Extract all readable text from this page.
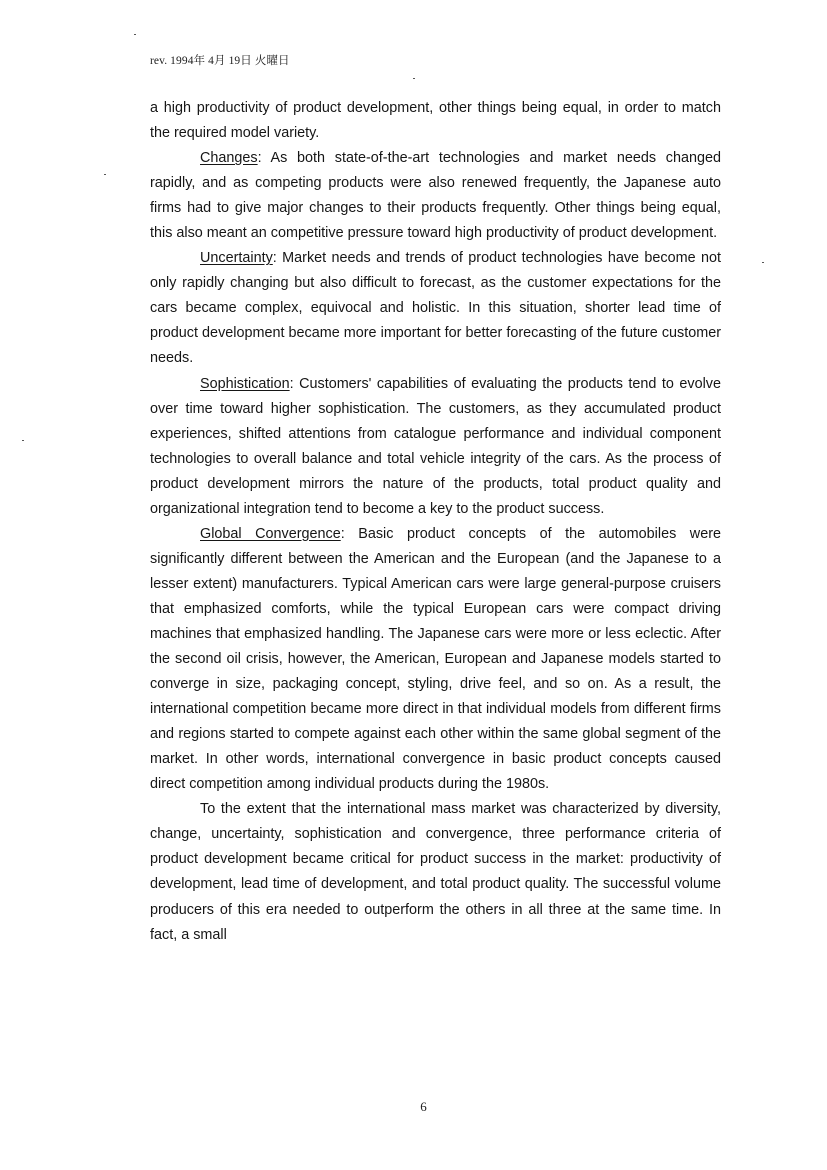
rev. 1994年 4月 19日 火曜日

a high productivity of product development, other things being equal, in order to match the required model variety.

Changes: As both state-of-the-art technologies and market needs changed rapidly, and as competing products were also renewed frequently, the Japanese auto firms had to give major changes to their products frequently. Other things being equal, this also meant an competitive pressure toward high productivity of product development.

Uncertainty: Market needs and trends of product technologies have become not only rapidly changing but also difficult to forecast, as the customer expectations for the cars became complex, equivocal and holistic. In this situation, shorter lead time of product development became more important for better forecasting of the future customer needs.

Sophistication: Customers' capabilities of evaluating the products tend to evolve over time toward higher sophistication. The customers, as they accumulated product experiences, shifted attentions from catalogue performance and individual component technologies to overall balance and total vehicle integrity of the cars. As the process of product development mirrors the nature of the products, total product quality and organizational integration tend to become a key to the product success.

Global Convergence: Basic product concepts of the automobiles were significantly different between the American and the European (and the Japanese to a lesser extent) manufacturers. Typical American cars were large general-purpose cruisers that emphasized comforts, while the typical European cars were compact driving machines that emphasized handling. The Japanese cars were more or less eclectic. After the second oil crisis, however, the American, European and Japanese models started to converge in size, packaging concept, styling, drive feel, and so on. As a result, the international competition became more direct in that individual models from different firms and regions started to compete against each other within the same global segment of the market. In other words, international convergence in basic product concepts caused direct competition among individual products during the 1980s.

To the extent that the international mass market was characterized by diversity, change, uncertainty, sophistication and convergence, three performance criteria of product development became critical for product success in the market: productivity of development, lead time of development, and total product quality. The successful volume producers of this era needed to outperform the others in all three at the same time. In fact, a small

6
